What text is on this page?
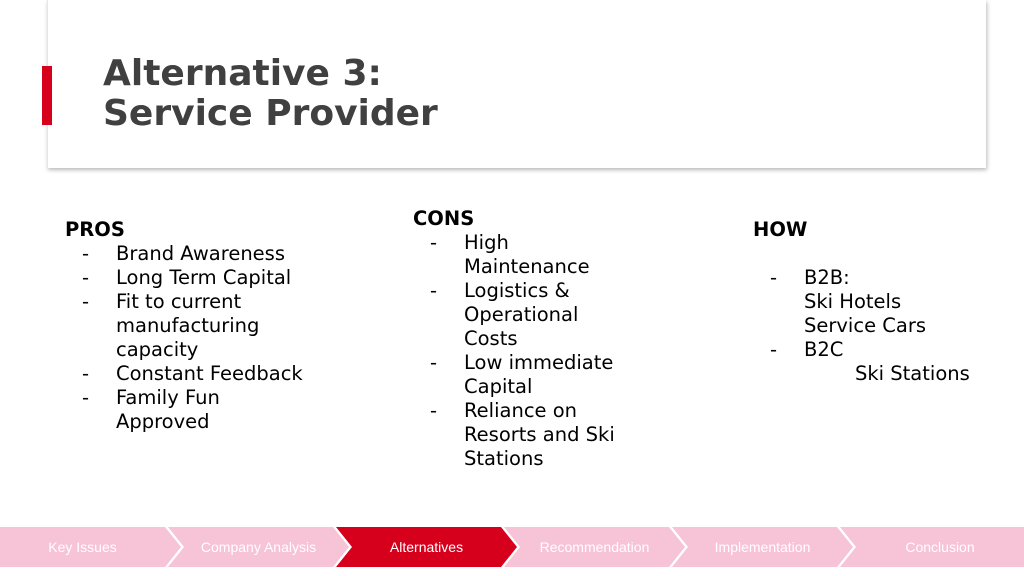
Alternative 3:
Service Provider
PROS
- Brand Awareness
- Long Term Capital
- Fit to current
manufacturing
capacity
- Constant Feedback
- Family Fun
Approved
CONS
- High
Maintenance
- Logistics &
Operational
Costs
- Low immediate
Capital
- Reliance on
Resorts and Ski
Stations
HOW
- B2B:
Ski Hotels
Service Cars
- B2C
Ski Stations
Key Issues	Company Analysis	Alternatives	Recommendation	Implementation	Conclusion
